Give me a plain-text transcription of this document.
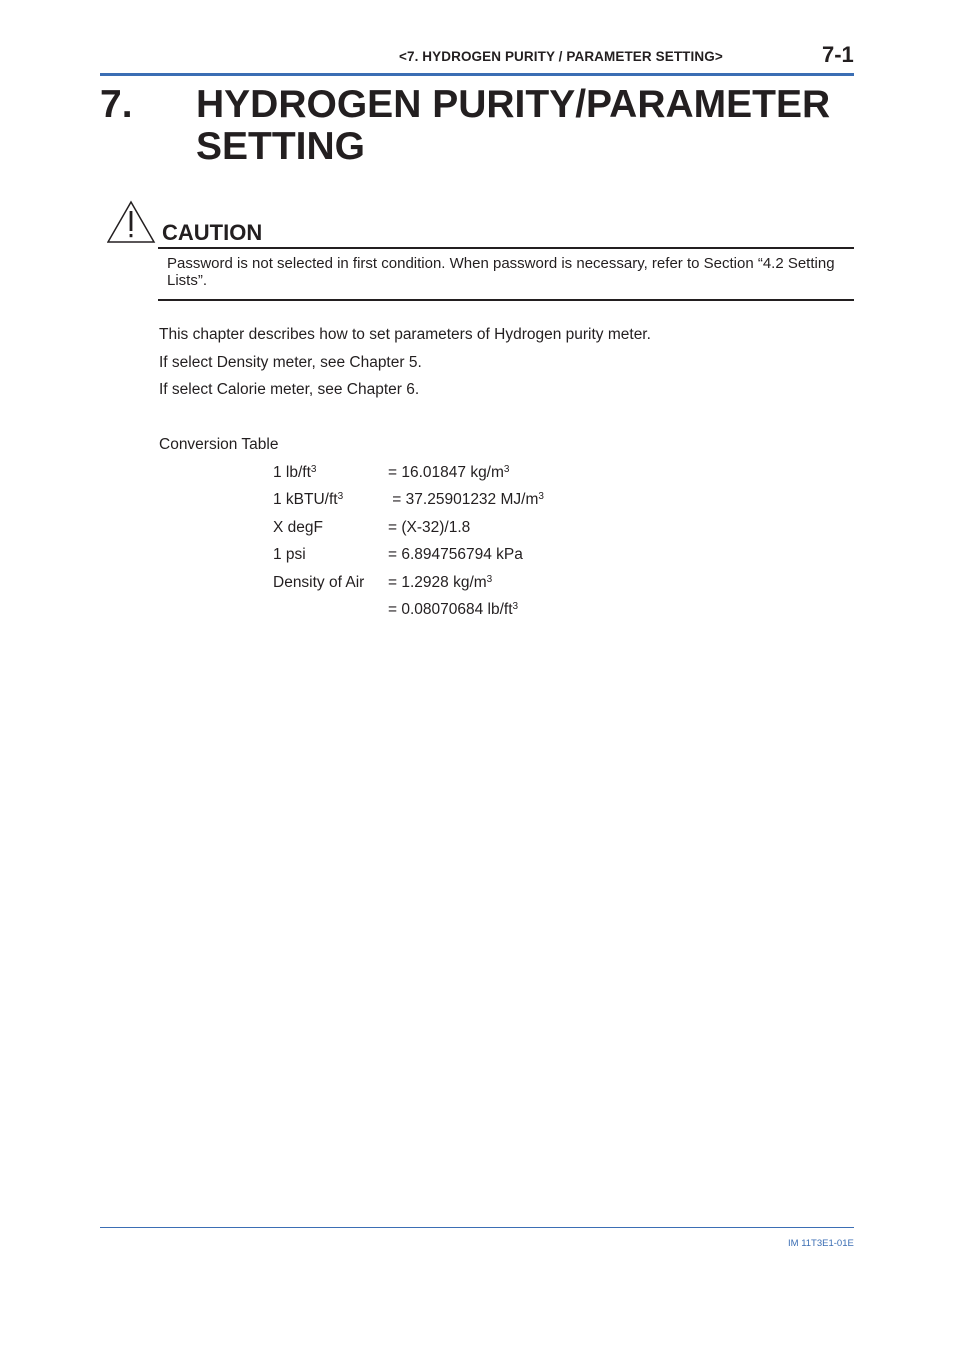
<7. HYDROGEN PURITY / PARAMETER SETTING>	7-1
7. HYDROGEN PURITY/PARAMETER SETTING
CAUTION
Password is not selected in first condition. When password is necessary, refer to Section “4.2 Setting Lists”.
This chapter describes how to set parameters of Hydrogen purity meter.
If select Density meter, see Chapter 5.
If select Calorie meter, see Chapter 6.
Conversion Table
1 $lb/ft^3$	= 16.01847 $kg/m^3$
1 kBTU/$ft^3$	= 37.25901232 $MJ/m^3$
X degF	= (X-32)/1.8
1 psi	= 6.894756794 kPa
Density of Air = 1.2928 $kg/m^3$
= 0.08070684 $lb/ft^3$
IM 11T3E1-01E
